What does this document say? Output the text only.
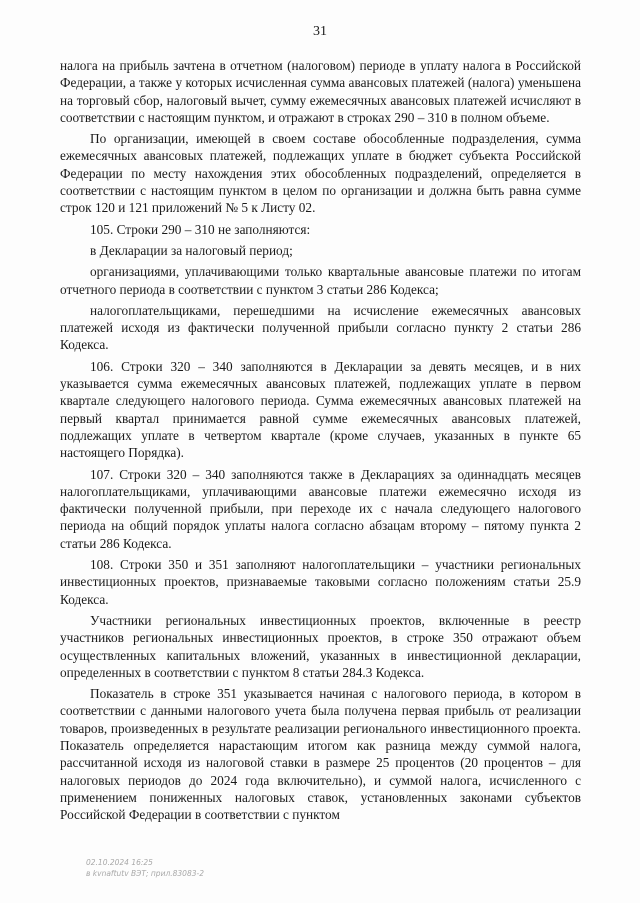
31

налога на прибыль зачтена в отчетном (налоговом) периоде в уплату налога в Российской Федерации, а также у которых исчисленная сумма авансовых платежей (налога) уменьшена на торговый сбор, налоговый вычет, сумму ежемесячных авансовых платежей исчисляют в соответствии с настоящим пунктом, и отражают в строках 290 – 310 в полном объеме.

По организации, имеющей в своем составе обособленные подразделения, сумма ежемесячных авансовых платежей, подлежащих уплате в бюджет субъекта Российской Федерации по месту нахождения этих обособленных подразделений, определяется в соответствии с настоящим пунктом в целом по организации и должна быть равна сумме строк 120 и 121 приложений № 5 к Листу 02.

105. Строки 290 – 310 не заполняются:

в Декларации за налоговый период;

организациями, уплачивающими только квартальные авансовые платежи по итогам отчетного периода в соответствии с пунктом 3 статьи 286 Кодекса;

налогоплательщиками, перешедшими на исчисление ежемесячных авансовых платежей исходя из фактически полученной прибыли согласно пункту 2 статьи 286 Кодекса.

106. Строки 320 – 340 заполняются в Декларации за девять месяцев, и в них указывается сумма ежемесячных авансовых платежей, подлежащих уплате в первом квартале следующего налогового периода. Сумма ежемесячных авансовых платежей на первый квартал принимается равной сумме ежемесячных авансовых платежей, подлежащих уплате в четвертом квартале (кроме случаев, указанных в пункте 65 настоящего Порядка).

107. Строки 320 – 340 заполняются также в Декларациях за одиннадцать месяцев налогоплательщиками, уплачивающими авансовые платежи ежемесячно исходя из фактически полученной прибыли, при переходе их с начала следующего налогового периода на общий порядок уплаты налога согласно абзацам второму – пятому пункта 2 статьи 286 Кодекса.

108. Строки 350 и 351 заполняют налогоплательщики – участники региональных инвестиционных проектов, признаваемые таковыми согласно положениям статьи 25.9 Кодекса.

Участники региональных инвестиционных проектов, включенные в реестр участников региональных инвестиционных проектов, в строке 350 отражают объем осуществленных капитальных вложений, указанных в инвестиционной декларации, определенных в соответствии с пунктом 8 статьи 284.3 Кодекса.

Показатель в строке 351 указывается начиная с налогового периода, в котором в соответствии с данными налогового учета была получена первая прибыль от реализации товаров, произведенных в результате реализации регионального инвестиционного проекта. Показатель определяется нарастающим итогом как разница между суммой налога, рассчитанной исходя из налоговой ставки в размере 25 процентов (20 процентов – для налоговых периодов до 2024 года включительно), и суммой налога, исчисленного с применением пониженных налоговых ставок, установленных законами субъектов Российской Федерации в соответствии с пунктом

02.10.2024 16:25
в kvnaftutv ВЭТ; прил.83083-2
